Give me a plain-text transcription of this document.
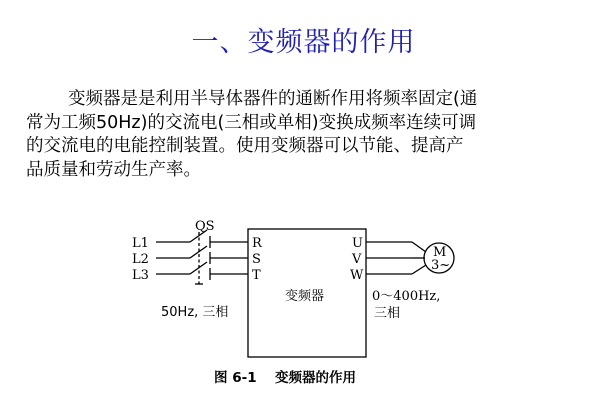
一、变频器的作用
变频器是是利用半导体器件的通断作用将频率固定(通
常为工频50Hz)的交流电(三相或单相)变换成频率连续可调
的交流电的电能控制装置。使用变频器可以节能、提高产
品质量和劳动生产率。
QS
L1
L2
L3
R
S
T
U
V
W
变频器
50Hz, 三相
0～400Hz,
三相
M
3~
图 6-1 变频器的作用
